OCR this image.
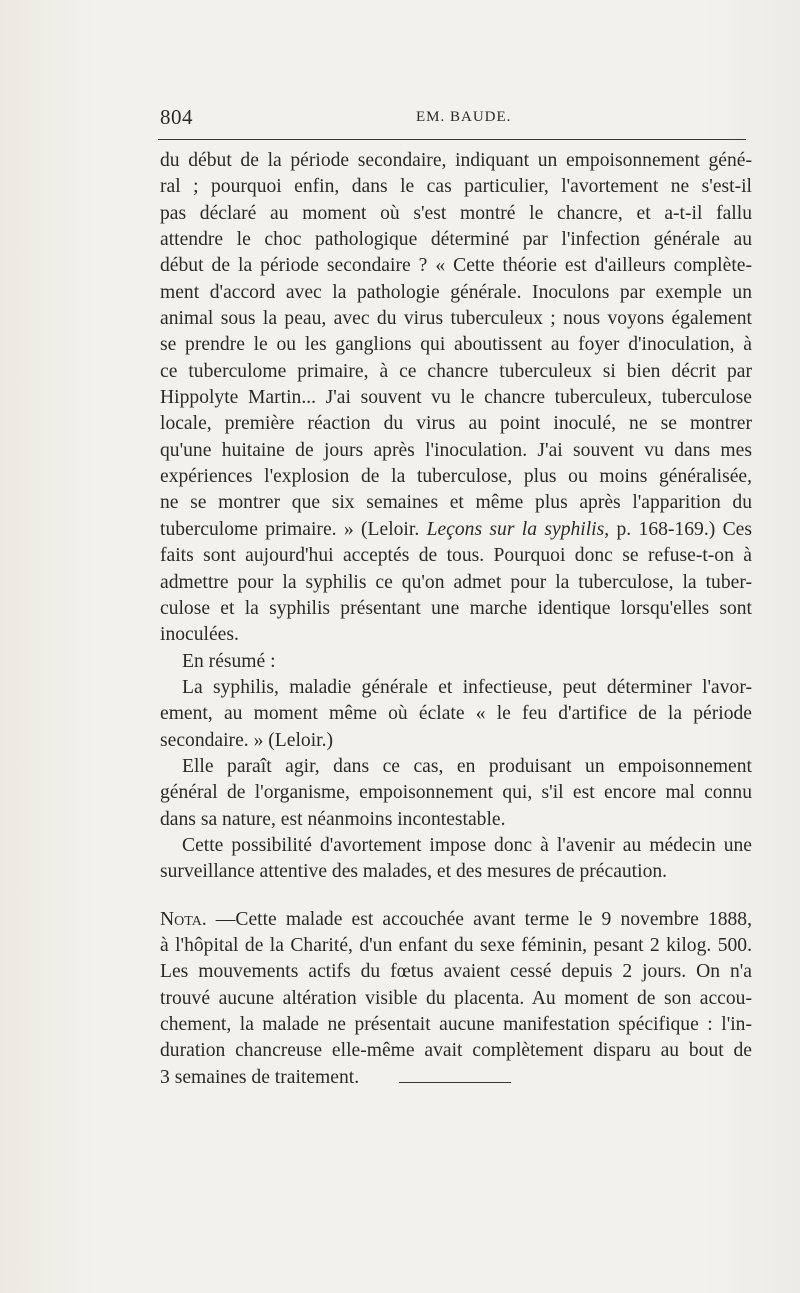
804	EM. BAUDE.
du début de la période secondaire, indiquant un empoisonnement géné-
ral ; pourquoi enfin, dans le cas particulier, l'avortement ne s'est-il
pas déclaré au moment où s'est montré le chancre, et a-t-il fallu
attendre le choc pathologique déterminé par l'infection générale au
début de la période secondaire ? « Cette théorie est d'ailleurs complète-
ment d'accord avec la pathologie générale. Inoculons par exemple un
animal sous la peau, avec du virus tuberculeux ; nous voyons également
se prendre le ou les ganglions qui aboutissent au foyer d'inoculation, à
ce tuberculome primaire, à ce chancre tuberculeux si bien décrit par
Hippolyte Martin... J'ai souvent vu le chancre tuberculeux, tuberculose
locale, première réaction du virus au point inoculé, ne se montrer
qu'une huitaine de jours après l'inoculation. J'ai souvent vu dans mes
expériences l'explosion de la tuberculose, plus ou moins généralisée,
ne se montrer que six semaines et même plus après l'apparition du
tuberculome primaire. » (Leloir. Leçons sur la syphilis, p. 168-169.) Ces
faits sont aujourd'hui acceptés de tous. Pourquoi donc se refuse-t-on à
admettre pour la syphilis ce qu'on admet pour la tuberculose, la tuber-
culose et la syphilis présentant une marche identique lorsqu'elles sont
inoculées.
En résumé :
La syphilis, maladie générale et infectieuse, peut déterminer l'avor-
ement, au moment même où éclate « le feu d'artifice de la période
secondaire. » (Leloir.)
Elle paraît agir, dans ce cas, en produisant un empoisonnement
général de l'organisme, empoisonnement qui, s'il est encore mal connu
dans sa nature, est néanmoins incontestable.
Cette possibilité d'avortement impose donc à l'avenir au médecin une
surveillance attentive des malades, et des mesures de précaution.
Nota. —Cette malade est accouchée avant terme le 9 novembre 1888,
à l'hôpital de la Charité, d'un enfant du sexe féminin, pesant 2 kilog. 500.
Les mouvements actifs du fœtus avaient cessé depuis 2 jours. On n'a
trouvé aucune altération visible du placenta. Au moment de son accou-
chement, la malade ne présentait aucune manifestation spécifique : l'in-
duration chancreuse elle-même avait complètement disparu au bout de
3 semaines de traitement.
